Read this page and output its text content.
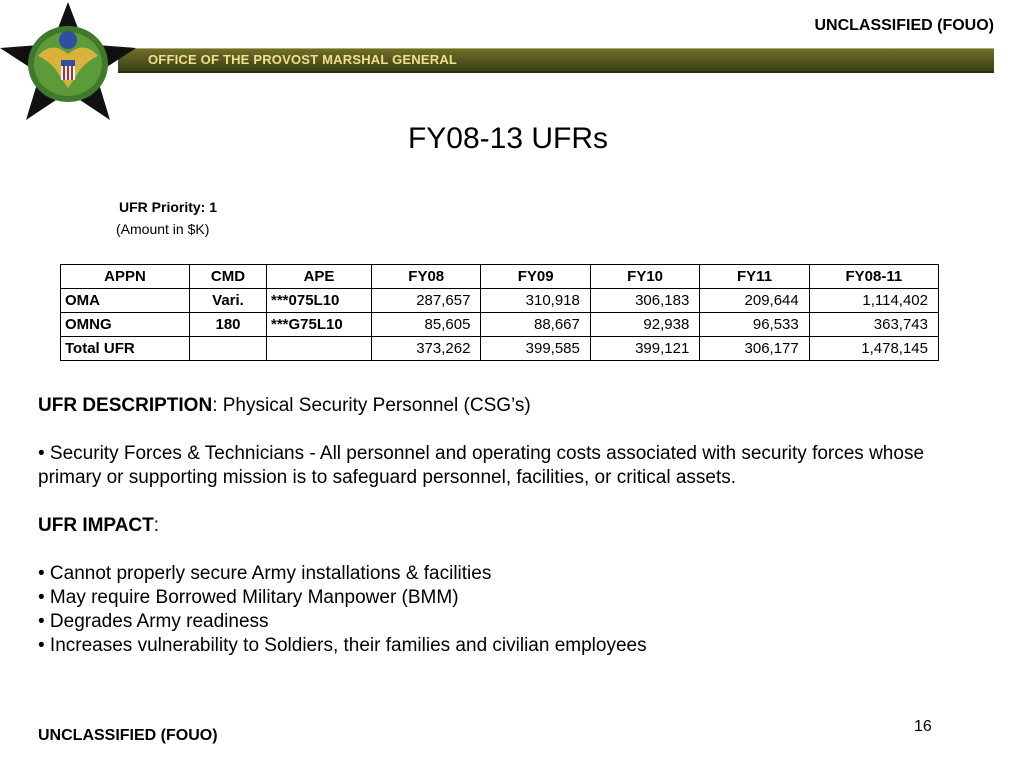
UNCLASSIFIED (FOUO)
OFFICE OF THE PROVOST MARSHAL GENERAL
FY08-13 UFRs
UFR Priority: 1
(Amount in $K)
APPN	CMD	APE	FY08	FY09	FY10	FY11	FY08-11
OMA	Vari.	***075L10	287,657	310,918	306,183	209,644	1,114,402
OMNG	180	***G75L10	85,605	88,667	92,938	96,533	363,743
Total UFR			373,262	399,585	399,121	306,177	1,478,145

UFR DESCRIPTION: Physical Security Personnel (CSG’s)

• Security Forces & Technicians - All personnel and operating costs associated with security forces whose primary or supporting mission is to safeguard personnel, facilities, or critical assets.

UFR IMPACT:

• Cannot properly secure Army installations & facilities

• May require Borrowed Military Manpower (BMM)

• Degrades Army readiness

• Increases vulnerability to Soldiers, their families and civilian employees

UNCLASSIFIED (FOUO)
16
